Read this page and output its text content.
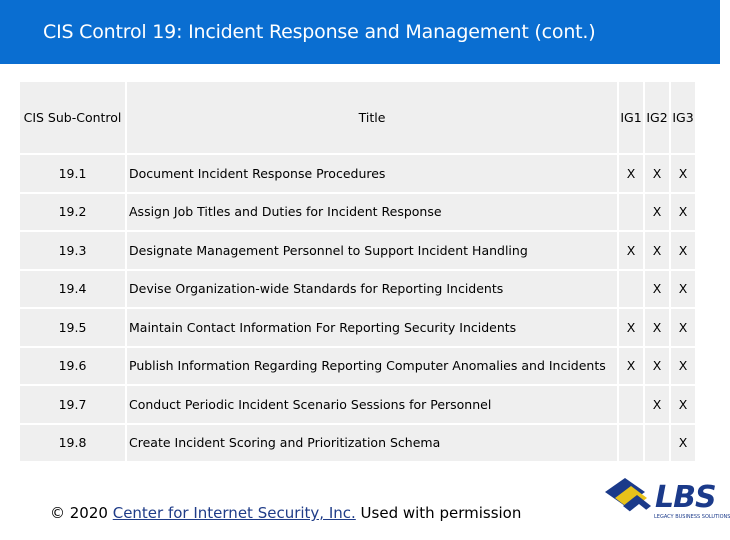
CIS Control 19: Incident Response and Management (cont.)
CIS Sub-Control	Title	IG1	IG2	IG3
19.1	Document Incident Response Procedures	X	X	X
19.2	Assign Job Titles and Duties for Incident Response		X	X
19.3	Designate Management Personnel to Support Incident Handling	X	X	X
19.4	Devise Organization-wide Standards for Reporting Incidents		X	X
19.5	Maintain Contact Information For Reporting Security Incidents	X	X	X
19.6	Publish Information Regarding Reporting Computer Anomalies and Incidents	X	X	X
19.7	Conduct Periodic Incident Scenario Sessions for Personnel		X	X
19.8	Create Incident Scoring and Prioritization Schema			X
© 2020 Center for Internet Security, Inc. Used with permission	LBS
LEGACY BUSINESS SOLUTIONS
